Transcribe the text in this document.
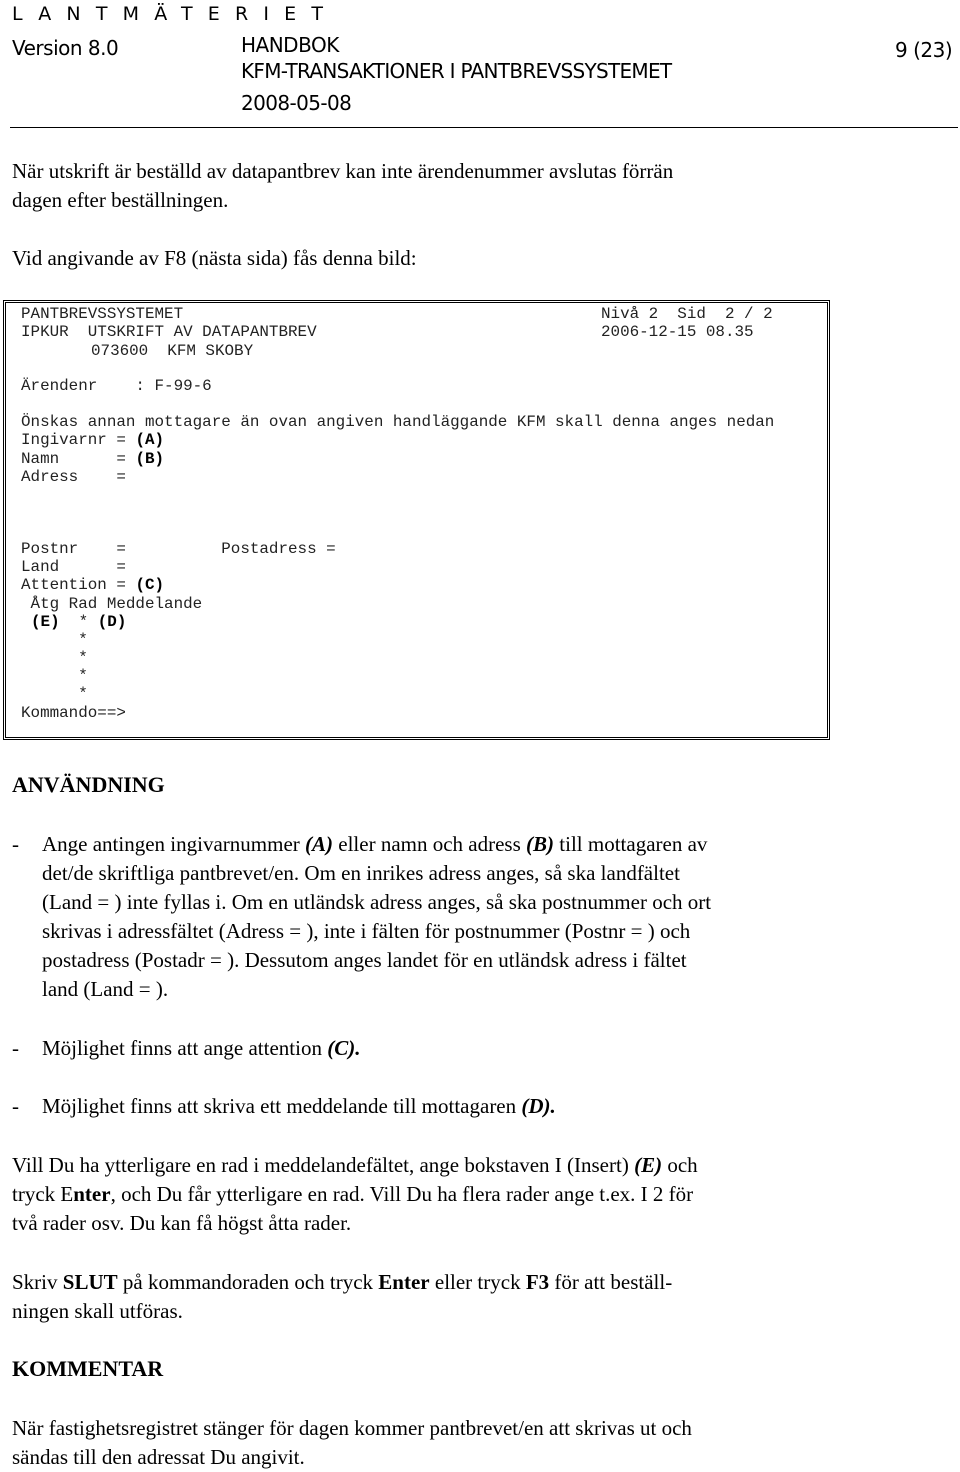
LANTMÄTERIET
Version 8.0	HANDBOK
KFM-TRANSAKTIONER I PANTBREVSSYSTEMET
2008-05-08
9 (23)
När utskrift är beställd av datapantbrev kan inte ärendenummer avslutas förrän
dagen efter beställningen.
Vid angivande av F8 (nästa sida) fås denna bild:
PANTBREVSSYSTEMET	Nivå 2  Sid  2 / 2
IPKUR  UTSKRIFT AV DATAPANTBREV	2006-12-15 08.35
073600  KFM SKOBY
Ärendenr    : F-99-6
Önskas annan mottagare än ovan angiven handläggande KFM skall denna anges nedan
Ingivarnr = (A)
Namn      = (B)
Adress    =
Postnr    =          Postadress =
Land      =
Attention = (C)
Åtg Rad Meddelande
(E)  * (D)
*
*
*
*
Kommando==>
ANVÄNDNING
- Ange antingen ingivarnummer (A) eller namn och adress (B) till mottagaren av
det/de skriftliga pantbrevet/en. Om en inrikes adress anges, så ska landfältet
(Land = ) inte fyllas i. Om en utländsk adress anges, så ska postnummer och ort
skrivas i adressfältet (Adress = ), inte i fälten för postnummer (Postnr = ) och
postadress (Postadr = ). Dessutom anges landet för en utländsk adress i fältet
land (Land = ).
- Möjlighet finns att ange attention (C).
- Möjlighet finns att skriva ett meddelande till mottagaren (D).
Vill Du ha ytterligare en rad i meddelandefältet, ange bokstaven I (Insert) (E) och
tryck Enter, och Du får ytterligare en rad. Vill Du ha flera rader ange t.ex. I 2 för
två rader osv. Du kan få högst åtta rader.
Skriv SLUT på kommandoraden och tryck Enter eller tryck F3 för att beställ-
ningen skall utföras.
KOMMENTAR
När fastighetsregistret stänger för dagen kommer pantbrevet/en att skrivas ut och
sändas till den adressat Du angivit.
